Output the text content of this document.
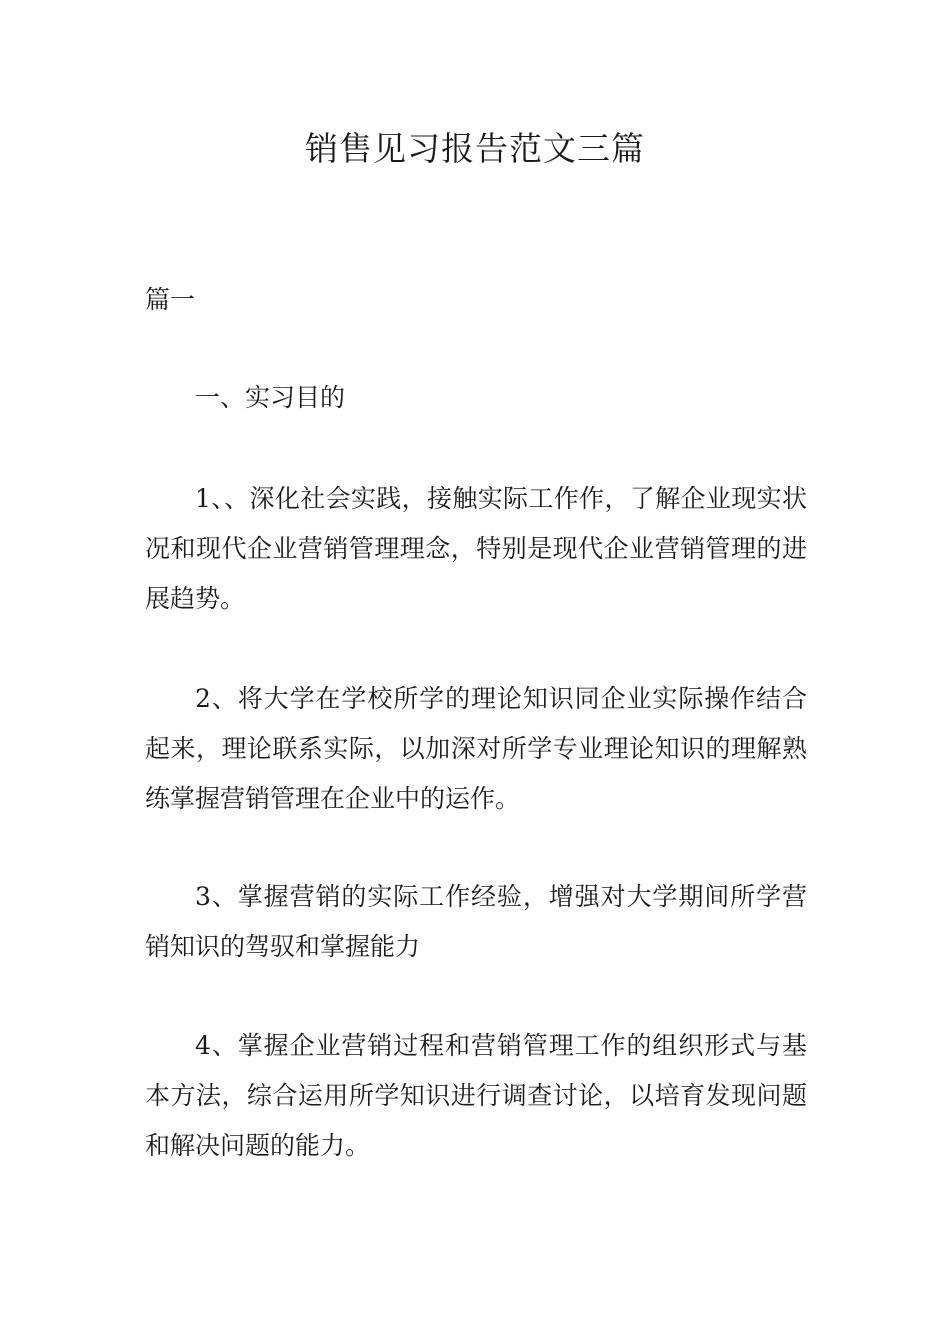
销售见习报告范文三篇

篇一

一、实习目的

1、、深化社会实践，接触实际工作作，了解企业现实状况和现代企业营销管理理念，特别是现代企业营销管理的进展趋势。

2、将大学在学校所学的理论知识同企业实际操作结合起来，理论联系实际，以加深对所学专业理论知识的理解熟练掌握营销管理在企业中的运作。

3、掌握营销的实际工作经验，增强对大学期间所学营销知识的驾驭和掌握能力

4、掌握企业营销过程和营销管理工作的组织形式与基本方法，综合运用所学知识进行调查讨论，以培育发现问题和解决问题的能力。
